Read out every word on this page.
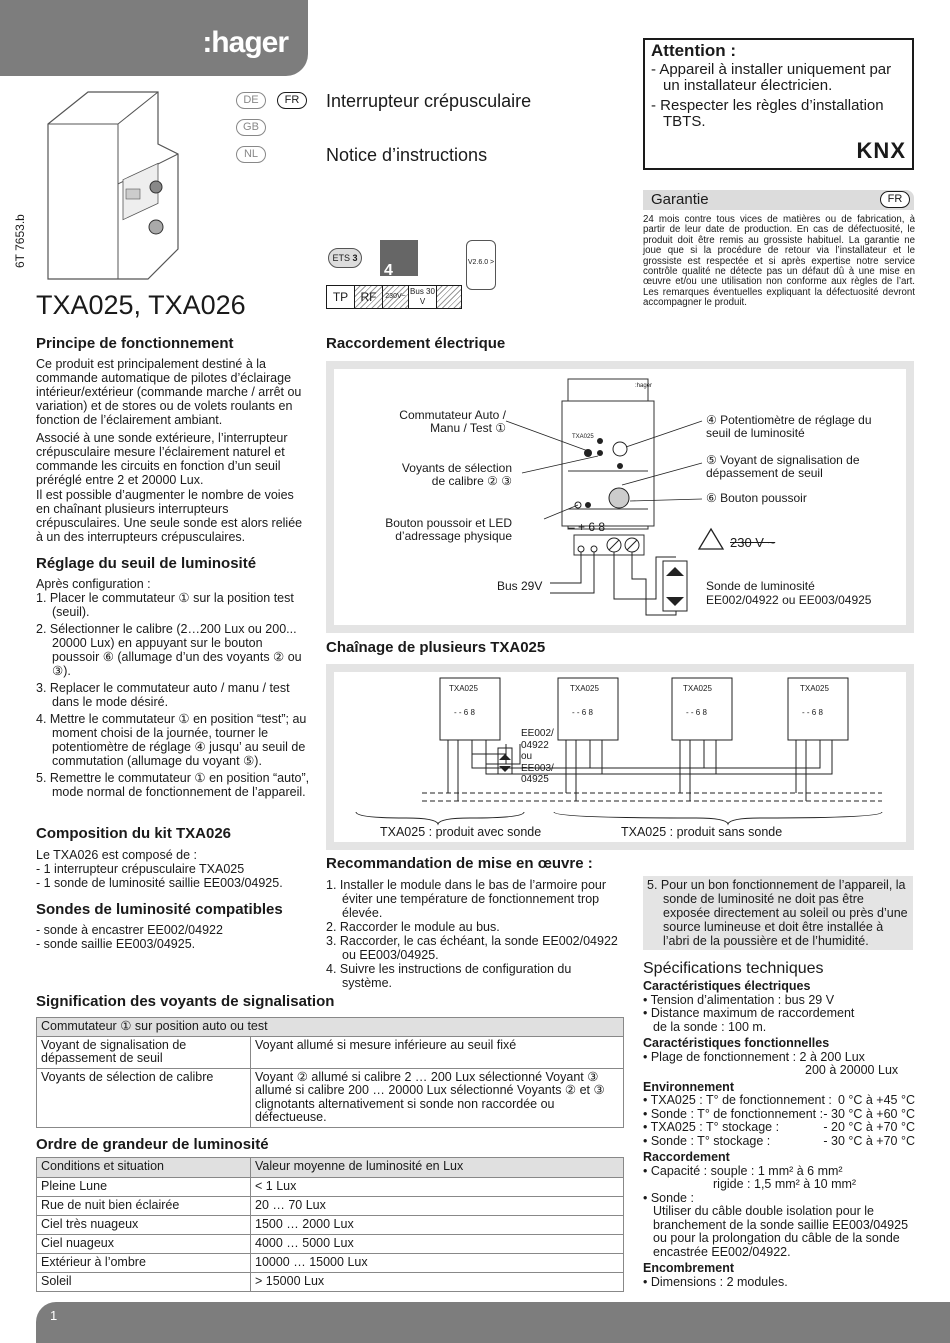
:hager
6T 7653.b
DE	FR
GB
NL
Interrupteur crépusculaire
Notice d’instructions
ETS 3
4	V2.6.0 >
TP	RF	230V~
Bus 30 V
TXA025, TXA026
Attention :
- Appareil à installer uniquement par un installateur électricien.
- Respecter les règles d’installation TBTS.
KNX
Garantie	FR
24 mois contre tous vices de matières ou de fabrication, à partir de leur date de production. En cas de défectuosité, le produit doit être remis au grossiste habituel. La garantie ne joue que si la procédure de retour via l’installateur et le grossiste est respectée et si après expertise notre service contrôle qualité ne détecte pas un défaut dû à une mise en œuvre et/ou une utilisation non conforme aux règles de l’art. Les remarques éventuelles expliquant la défectuosité devront accompagner le produit.
Principe de fonctionnement
Ce produit est principalement destiné à la commande automatique de pilotes d’éclairage intérieur/extérieur (commande marche / arrêt ou variation) et de stores ou de volets roulants en fonction de l’éclairement ambiant.
Associé à une sonde extérieure, l’interrupteur crépusculaire mesure l’éclairement naturel et commande les circuits en fonction d’un seuil préréglé entre 2 et 20000 Lux.
Il est possible d’augmenter le nombre de voies en chaînant plusieurs interrupteurs crépusculaires. Une seule sonde est alors reliée à un des interrupteurs crépusculaires.
Réglage du seuil de luminosité
Après configuration :
1. Placer le commutateur ① sur la position test (seuil).
2. Sélectionner le calibre (2…200 Lux ou 200... 20000 Lux) en appuyant sur le bouton poussoir ⑥ (allumage d’un des voyants ② ou ③).
3. Replacer le commutateur auto / manu / test dans le mode désiré.
4. Mettre le commutateur ① en position “test”; au moment choisi de la journée, tourner le potentiomètre de réglage ④ jusqu’ au seuil de commutation (allumage du voyant ⑤).
5. Remettre le commutateur ① en position “auto”, mode normal de fonctionnement de l’appareil.
Composition du kit TXA026
Le TXA026 est composé de :
- 1 interrupteur crépusculaire TXA025
- 1 sonde de luminosité saillie EE003/04925.
Sondes de luminosité compatibles
- sonde à encastrer EE002/04922
- sonde saillie EE003/04925.
Raccordement électrique
:hager
TXA025
– + 6 8
Commutateur Auto / Manu / Test ①
Voyants de sélection de calibre ② ③
Bouton poussoir et LED d’adressage physique
④ Potentiomètre de réglage du seuil de luminosité
⑤ Voyant de signalisation de dépassement de seuil
⑥ Bouton poussoir
230 V ~
Bus 29V	Sonde de luminosité
EE002/04922 ou EE003/04925
Chaînage de plusieurs TXA025
TXA025	TXA025	TXA025	TXA025
- - 6 8	- - 6 8	- - 6 8	- - 6 8
EE002/
04922
ou
EE003/
04925
TXA025 : produit avec sonde	TXA025 : produit sans sonde
Recommandation de mise en œuvre :
1. Installer le module dans le bas de l’armoire pour éviter une température de fonctionnement trop élevée.
2. Raccorder le module au bus.
3. Raccorder, le cas échéant, la sonde EE002/04922 ou EE003/04925.
4. Suivre les instructions de configuration du système.
5. Pour un bon fonctionnement de l’appareil, la sonde de luminosité ne doit pas être exposée directement au soleil ou près d’une source lumineuse et doit être installée à l’abri de la poussière et de l’humidité.
Spécifications techniques
Caractéristiques électriques
• Tension d’alimentation : bus 29 V
• Distance maximum de raccordement
de la sonde : 100 m.
Caractéristiques fonctionnelles
• Plage de fonctionnement : 2 à 200 Lux
200 à 20000 Lux
Environnement
• TXA025 : T° de fonctionnement : 0 °C à +45 °C
• Sonde : T° de fonctionnement : - 30 °C à +60 °C
• TXA025 : T° stockage :	- 20 °C à +70 °C
• Sonde : T° stockage :	- 30 °C à +70 °C
Raccordement
• Capacité : souple : 1 mm² à 6 mm²
rigide : 1,5 mm² à 10 mm²
• Sonde :
Utiliser du câble double isolation pour le branchement de la sonde saillie EE003/04925 ou pour la prolongation du câble de la sonde encastrée EE002/04922.
Encombrement
• Dimensions : 2 modules.
Signification des voyants de signalisation
Commutateur ① sur position auto ou test	
Voyant de signalisation de dépassement de seuil	Voyant allumé si mesure inférieure au seuil fixé
Voyants de sélection de calibre	Voyant ② allumé si calibre 2 … 200 Lux sélectionné Voyant ③ allumé si calibre 200 … 20000 Lux sélectionné Voyants ② et ③ clignotants alternativement si sonde non raccordée ou défectueuse.
Ordre de grandeur de luminosité
Conditions et situation	Valeur moyenne de luminosité en Lux
Pleine Lune	< 1 Lux
Rue de nuit bien éclairée	20 … 70 Lux
Ciel très nuageux	1500 … 2000 Lux
Ciel nuageux	4000 … 5000 Lux
Extérieur à l’ombre	10000 … 15000 Lux
Soleil	> 15000 Lux
1
